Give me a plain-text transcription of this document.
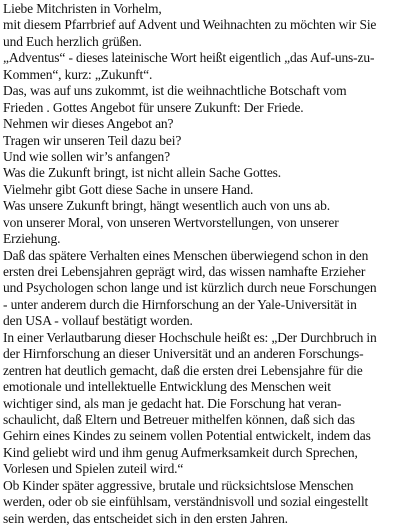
Liebe Mitchristen in Vorhelm,
mit diesem Pfarrbrief auf Advent und Weihnachten zu möchten wir Sie
und Euch herzlich grüßen.
„Adventus“ - dieses lateinische Wort heißt eigentlich „das Auf-uns-zu-
Kommen“, kurz: „Zukunft“.
Das, was auf uns zukommt, ist die weihnachtliche Botschaft vom
Frieden . Gottes Angebot für unsere Zukunft: Der Friede.
Nehmen wir dieses Angebot an?
Tragen wir unseren Teil dazu bei?
Und wie sollen wir’s anfangen?
Was die Zukunft bringt, ist nicht allein Sache Gottes.
Vielmehr gibt Gott diese Sache in unsere Hand.
Was unsere Zukunft bringt, hängt wesentlich auch von uns ab.
von unserer Moral, von unseren Wertvorstellungen, von unserer
Erziehung.
Daß das spätere Verhalten eines Menschen überwiegend schon in den
ersten drei Lebensjahren geprägt wird, das wissen namhafte Erzieher
und Psychologen schon lange und ist kürzlich durch neue Forschungen
- unter anderem durch die Hirnforschung an der Yale-Universität in
den USA - vollauf bestätigt worden.
In einer Verlautbarung dieser Hochschule heißt es: „Der Durchbruch in
der Hirnforschung an dieser Universität und an anderen Forschungs-
zentren hat deutlich gemacht, daß die ersten drei Lebensjahre für die
emotionale und intellektuelle Entwicklung des Menschen weit
wichtiger sind, als man je gedacht hat. Die Forschung hat veran-
schaulicht, daß Eltern und Betreuer mithelfen können, daß sich das
Gehirn eines Kindes zu seinem vollen Potential entwickelt, indem das
Kind geliebt wird und ihm genug Aufmerksamkeit durch Sprechen,
Vorlesen und Spielen zuteil wird.“
Ob Kinder später aggressive, brutale und rücksichtslose Menschen
werden, oder ob sie einfühlsam, verständnisvoll und sozial eingestellt
sein werden, das entscheidet sich in den ersten Jahren.
